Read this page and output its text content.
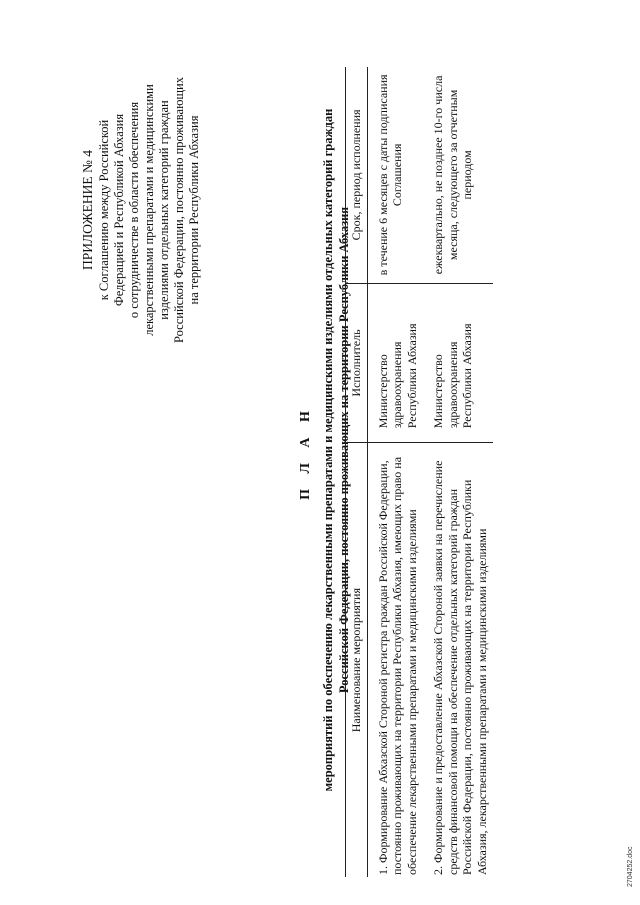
ПРИЛОЖЕНИЕ № 4 к Соглашению между Российской Федерацией и Республикой Абхазия о сотрудничестве в области обеспечения лекарственными препаратами и медицинскими изделиями отдельных категорий граждан Российской Федерации, постоянно проживающих на территории Республики Абхазия
П Л А Н мероприятий по обеспечению лекарственными препаратами и медицинскими изделиями отдельных категорий граждан Российской Федерации, постоянно проживающих на территории Республики Абхазия
Наименование мероприятия	Исполнитель	Срок, период исполнения
1. Формирование Абхазской Стороной регистра граждан Российской Федерации, постоянно проживающих на территории Республики Абхазия, имеющих право на обеспечение лекарственными препаратами и медицинскими изделиями	Министерство здравоохранения Республики Абхазия	в течение 6 месяцев с даты подписания Соглашения
2. Формирование и предоставление Абхазской Стороной заявки на перечисление средств финансовой помощи на обеспечение отдельных категорий граждан Российской Федерации, постоянно проживающих на территории Республики Абхазия, лекарственными препаратами и медицинскими изделиями	Министерство здравоохранения Республики Абхазия	ежеквартально, не позднее 10-го числа месяца, следующего за отчетным периодом
2704252.doc
